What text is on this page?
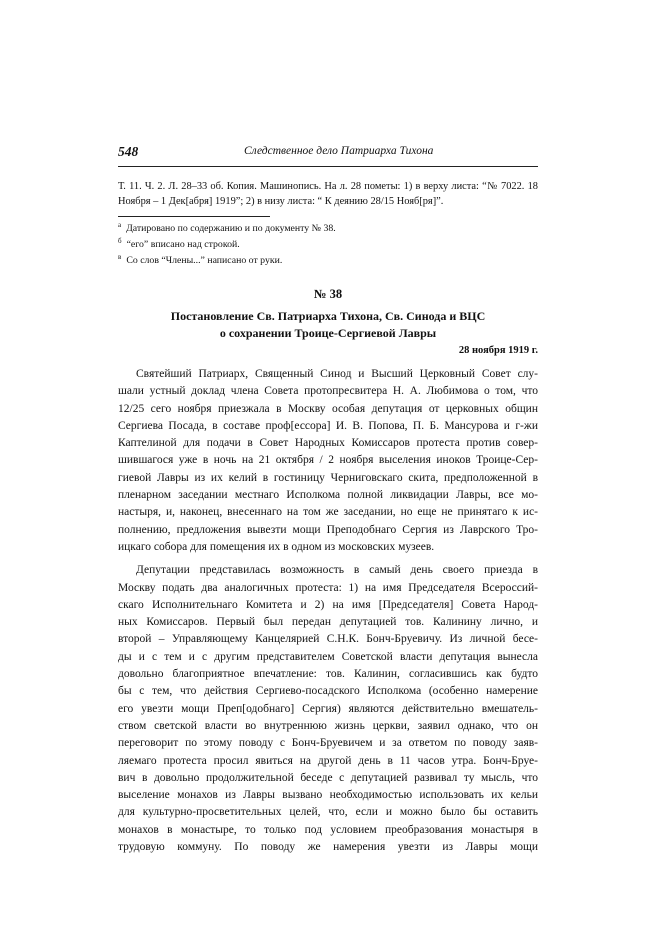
548	Следственное дело Патриарха Тихона
Т. 11. Ч. 2. Л. 28–33 об. Копия. Машинопись. На л. 28 пометы: 1) в верху листа: “№ 7022. 18
Ноября – 1 Дек[абря] 1919”; 2) в низу листа: “ К деянию 28/15 Нояб[ря]”.
$^a$ Датировано по содержанию и по документу № 38.
$^б$ “его” вписано над строкой.
$^в$ Со слов “Члены...” написано от руки.
№ 38
Постановление Св. Патриарха Тихона, Св. Синода и ВЦС
о сохранении Троице-Сергиевой Лавры
28 ноября 1919 г.
Святейший Патриарх, Священный Синод и Высший Церковный Совет слу-
шали устный доклад члена Совета протопресвитера Н. А. Любимова о том, что
12/25 сего ноября приезжала в Москву особая депутация от церковных общин
Сергиева Посада, в составе проф[ессора] И. В. Попова, П. Б. Мансурова и г-жи
Каптелиной для подачи в Совет Народных Комиссаров протеста против совер-
шившагося уже в ночь на 21 октября / 2 ноября выселения иноков Троице-Сер-
гиевой Лавры из их келий в гостиницу Черниговскаго скита, предположенной в
пленарном заседании местнаго Исполкома полной ликвидации Лавры, все мо-
настыря, и, наконец, внесеннаго на том же заседании, но еще не принятаго к ис-
полнению, предложения вывезти мощи Преподобнаго Сергия из Лаврского Тро-
ицкаго собора для помещения их в одном из московских музеев.
Депутации представилась возможность в самый день своего приезда в
Москву подать два аналогичных протеста: 1) на имя Председателя Всероссий-
скаго Исполнительнаго Комитета и 2) на имя [Председателя] Совета Народ-
ных Комиссаров. Первый был передан депутацией тов. Калинину лично, и
второй – Управляющему Канцелярией С.Н.К. Бонч-Бруевичу. Из личной бесе-
ды и с тем и с другим представителем Советской власти депутация вынесла
довольно благоприятное впечатление: тов. Калинин, согласившись как будто
бы с тем, что действия Сергиево-посадского Исполкома (особенно намерение
его увезти мощи Преп[одобнаго] Сергия) являются действительно вмешатель-
ством светской власти во внутреннюю жизнь церкви, заявил однако, что он
переговорит по этому поводу с Бонч-Бруевичем и за ответом по поводу заяв-
ляемаго протеста просил явиться на другой день в 11 часов утра. Бонч-Бруе-
вич в довольно продолжительной беседе с депутацией развивал ту мысль, что
выселение монахов из Лавры вызвано необходимостью использовать их кельи
для культурно-просветительных целей, что, если и можно было бы оставить
монахов в монастыре, то только под условием преобразования монастыря в
трудовую коммуну. По поводу же намерения увезти из Лавры мощи
